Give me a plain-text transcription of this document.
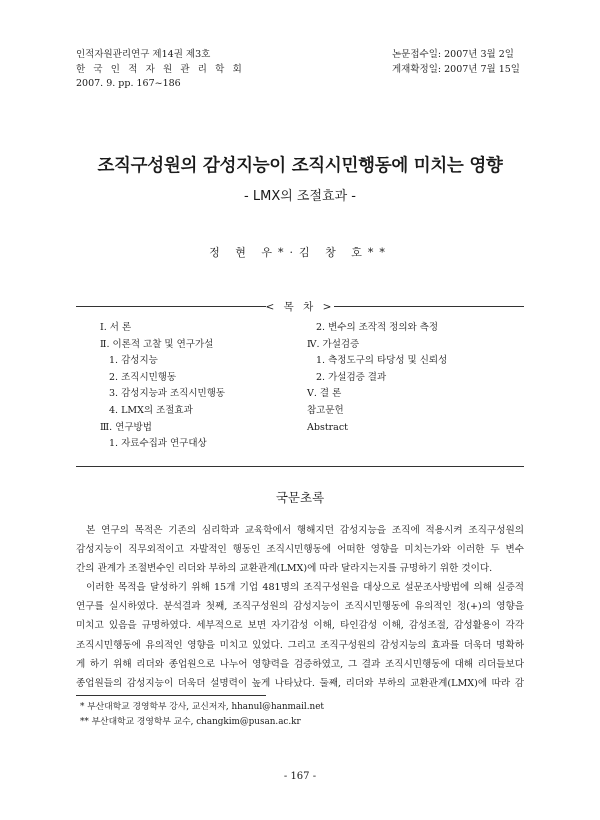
인적자원관리연구 제14권 제3호
한 국 인 적 자 원 관 리 학 회
2007. 9. pp. 167~186
논문접수일: 2007년 3월 2일
게재확정일: 2007년 7월 15일
조직구성원의 감성지능이 조직시민행동에 미치는 영향
- LMX의 조절효과 -
정 현 우*·김 창 호**
< 목 차 >
Ⅰ. 서 론
Ⅱ. 이론적 고찰 및 연구가설
1. 감성지능
2. 조직시민행동
3. 감성지능과 조직시민행동
4. LMX의 조절효과
Ⅲ. 연구방법
1. 자료수집과 연구대상
2. 변수의 조작적 정의와 측정
Ⅳ. 가설검증
1. 측정도구의 타당성 및 신뢰성
2. 가설검증 결과
Ⅴ. 결 론
참고문헌
Abstract
국문초록
본 연구의 목적은 기존의 심리학과 교육학에서 행해지던 감성지능을 조직에 적용시켜 조직구성원의
감성지능이 직무외적이고 자발적인 행동인 조직시민행동에 어떠한 영향을 미치는가와 이러한 두 변수
간의 관계가 조절변수인 리더와 부하의 교환관계(LMX)에 따라 달라지는지를 규명하기 위한 것이다.
이러한 목적을 달성하기 위해 15개 기업 481명의 조직구성원을 대상으로 설문조사방법에 의해 실증적
연구를 실시하였다. 분석결과 첫째, 조직구성원의 감성지능이 조직시민행동에 유의적인 정(+)의 영향을
미치고 있음을 규명하였다. 세부적으로 보면 자기감성 이해, 타인감성 이해, 감성조절, 감성활용이 각각
조직시민행동에 유의적인 영향을 미치고 있었다. 그리고 조직구성원의 감성지능의 효과를 더욱더 명확하
게 하기 위해 리더와 종업원으로 나누어 영향력을 검증하였고, 그 결과 조직시민행동에 대해 리더들보다
종업원들의 감성지능이 더욱더 설명력이 높게 나타났다. 둘째, 리더와 부하의 교환관계(LMX)에 따라 감
* 부산대학교 경영학부 강사, 교신저자, hhanul@hanmail.net
** 부산대학교 경영학부 교수, changkim@pusan.ac.kr
- 167 -
